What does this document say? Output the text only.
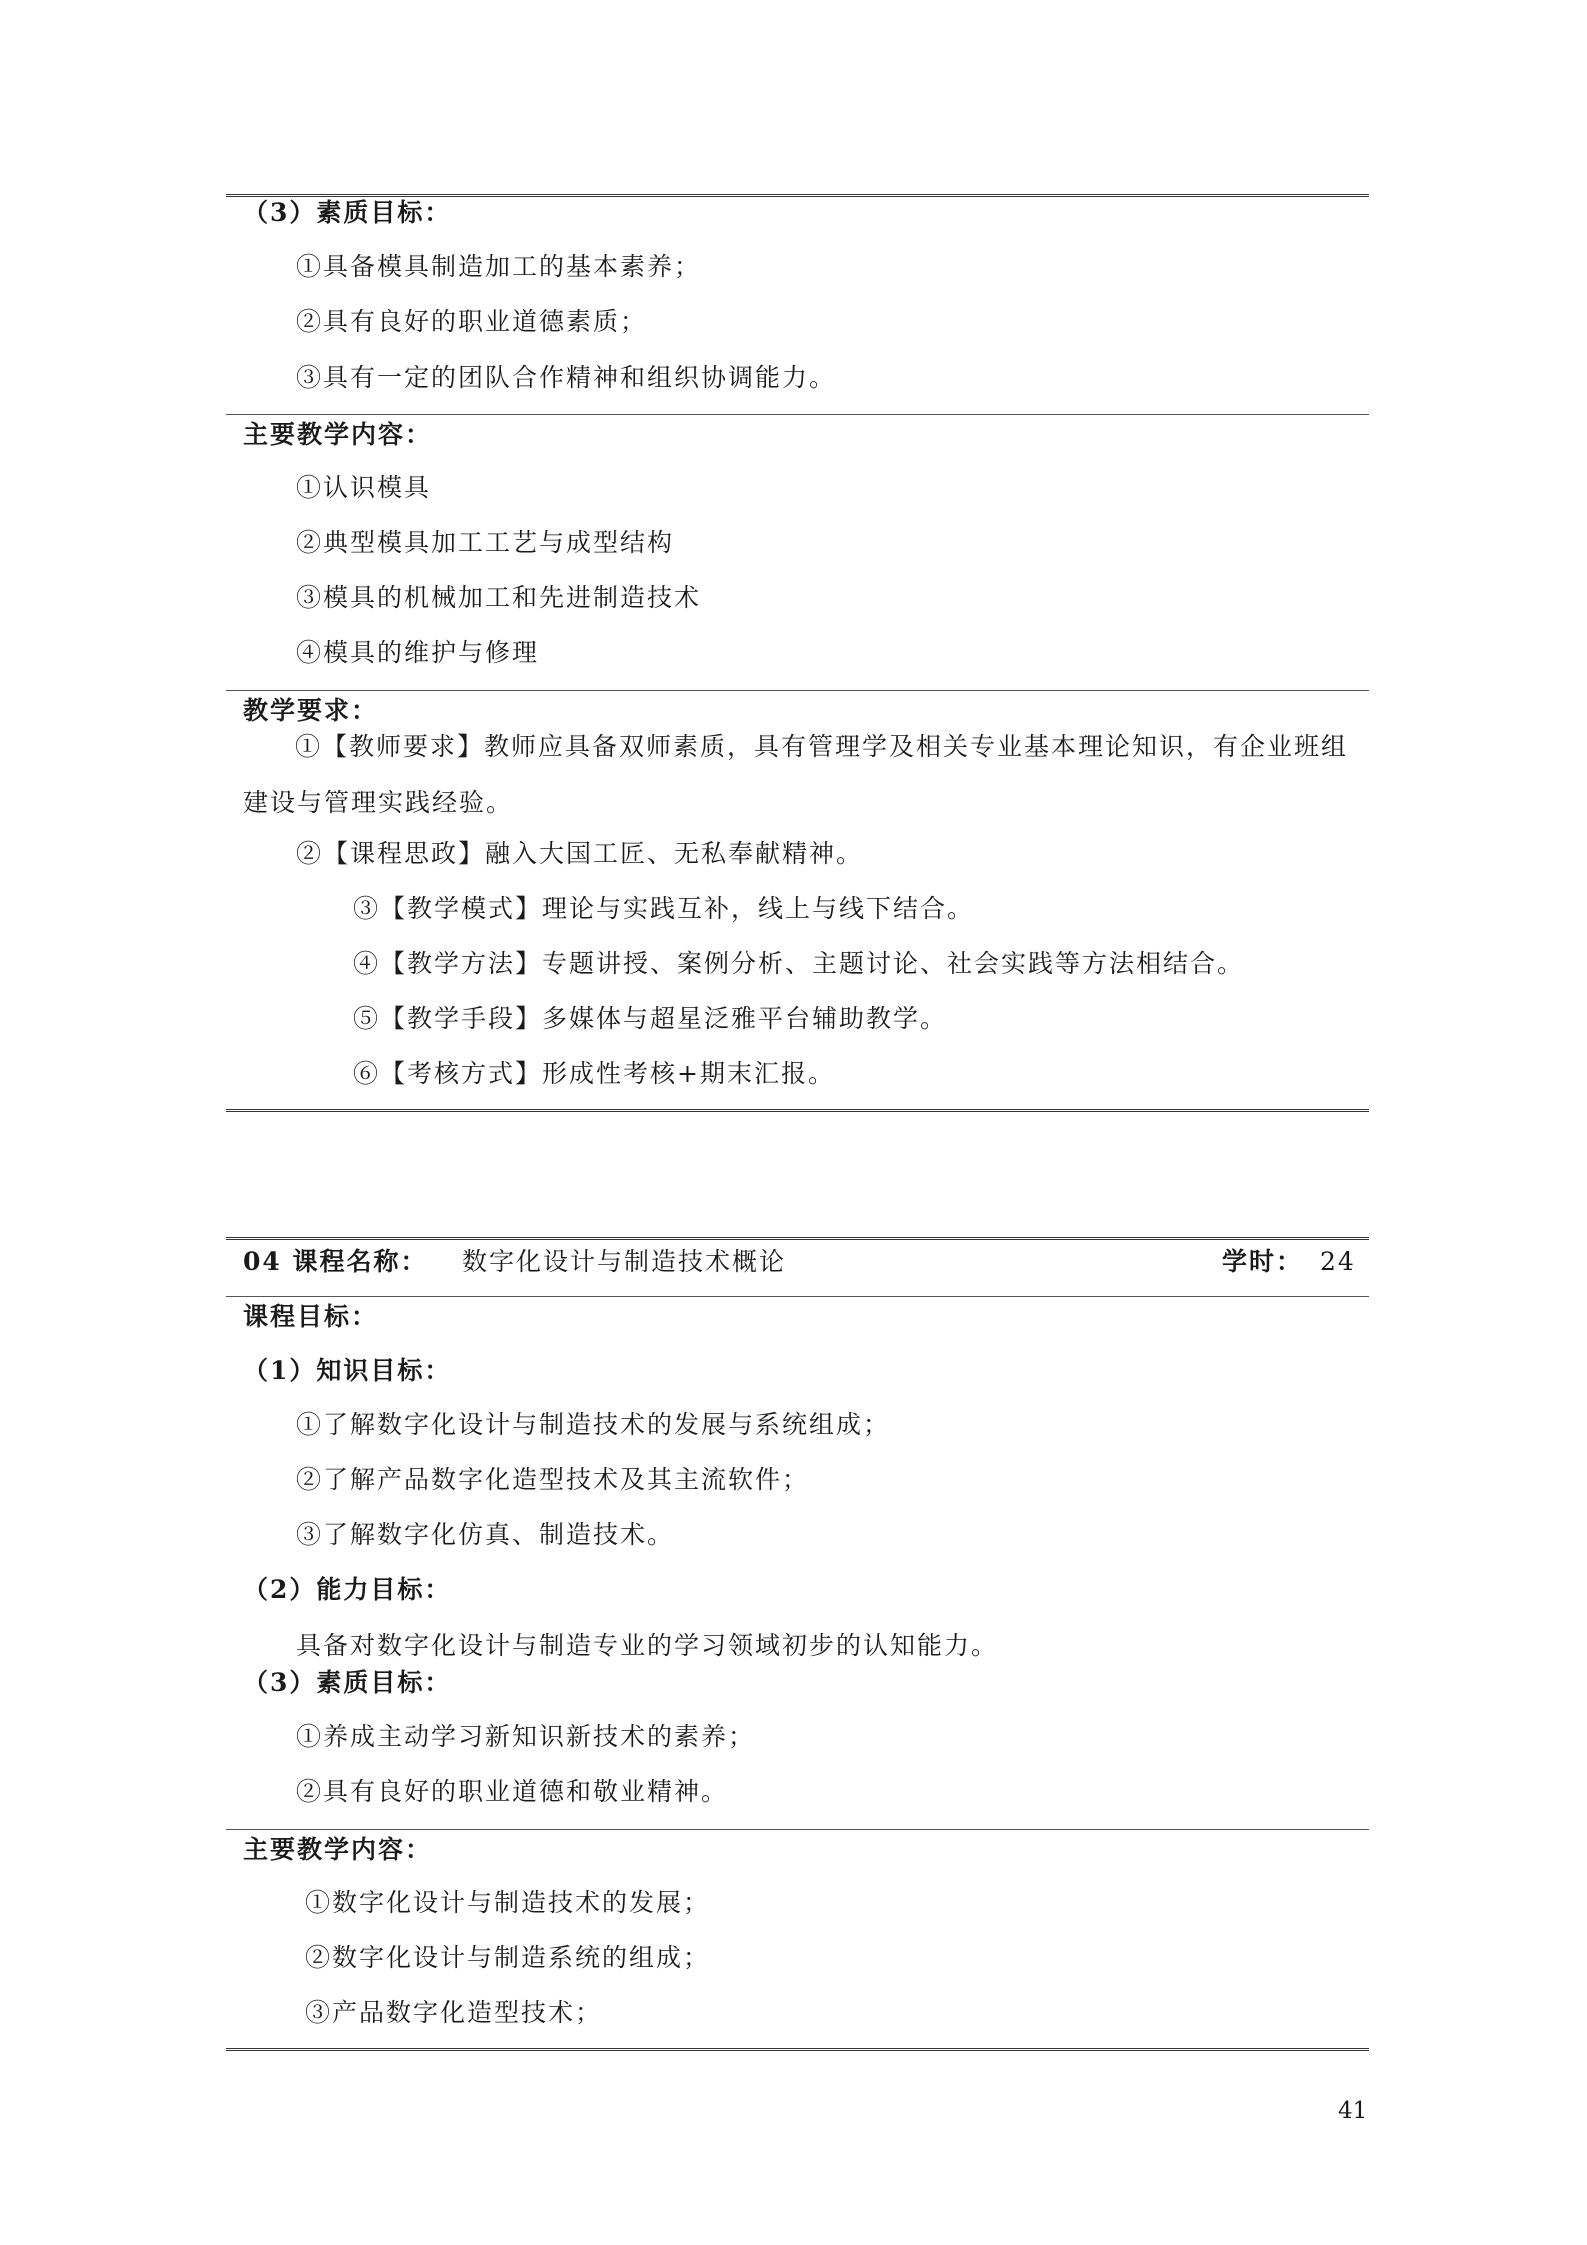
（3）素质目标：
①具备模具制造加工的基本素养；
②具有良好的职业道德素质；
③具有一定的团队合作精神和组织协调能力。
主要教学内容：
①认识模具
②典型模具加工工艺与成型结构
③模具的机械加工和先进制造技术
④模具的维护与修理
教学要求：
①【教师要求】教师应具备双师素质，具有管理学及相关专业基本理论知识，有企业班组建设与管理实践经验。
②【课程思政】融入大国工匠、无私奉献精神。
③【教学模式】理论与实践互补，线上与线下结合。
④【教学方法】专题讲授、案例分析、主题讨论、社会实践等方法相结合。
⑤【教学手段】多媒体与超星泛雅平台辅助教学。
⑥【考核方式】形成性考核+期末汇报。
04 课程名称： 数字化设计与制造技术概论	学时： 24
课程目标：
（1）知识目标：
①了解数字化设计与制造技术的发展与系统组成；
②了解产品数字化造型技术及其主流软件；
③了解数字化仿真、制造技术。
（2）能力目标：
具备对数字化设计与制造专业的学习领域初步的认知能力。
（3）素质目标：
①养成主动学习新知识新技术的素养；
②具有良好的职业道德和敬业精神。
主要教学内容：
①数字化设计与制造技术的发展；
②数字化设计与制造系统的组成；
③产品数字化造型技术；
41
